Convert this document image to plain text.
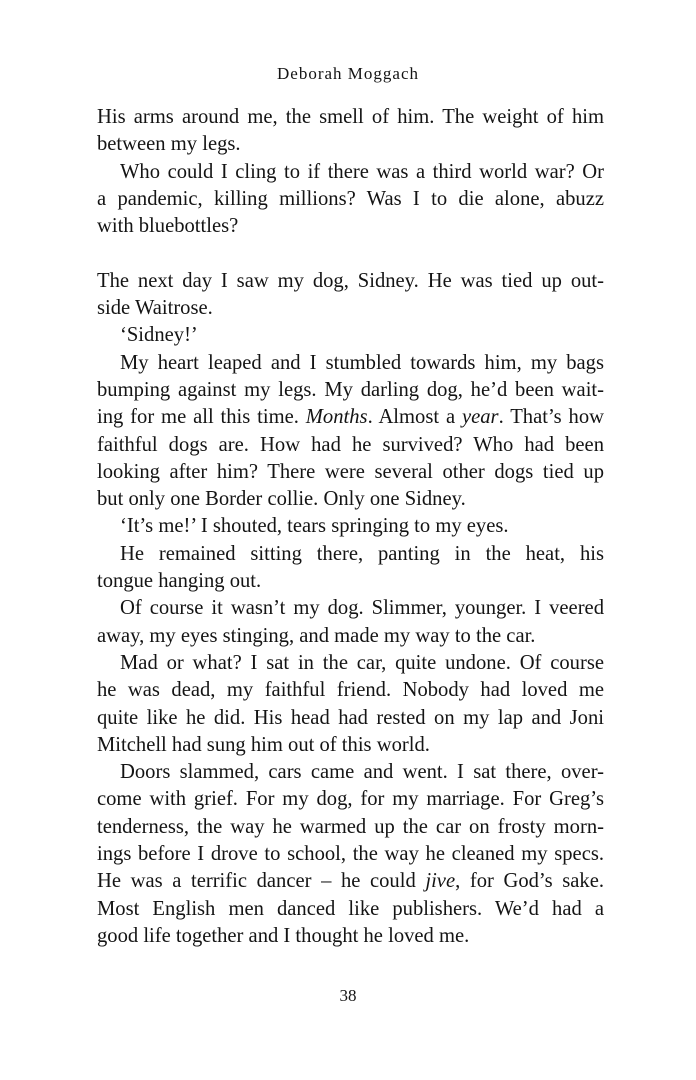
Deborah Moggach
His arms around me, the smell of him. The weight of him
between my legs.
Who could I cling to if there was a third world war? Or
a pandemic, killing millions? Was I to die alone, abuzz
with bluebottles?
The next day I saw my dog, Sidney. He was tied up out-
side Waitrose.
‘Sidney!’
My heart leaped and I stumbled towards him, my bags
bumping against my legs. My darling dog, he’d been wait-
ing for me all this time. Months. Almost a year. That’s how
faithful dogs are. How had he survived? Who had been
looking after him? There were several other dogs tied up
but only one Border collie. Only one Sidney.
‘It’s me!’ I shouted, tears springing to my eyes.
He remained sitting there, panting in the heat, his
tongue hanging out.
Of course it wasn’t my dog. Slimmer, younger. I veered
away, my eyes stinging, and made my way to the car.
Mad or what? I sat in the car, quite undone. Of course
he was dead, my faithful friend. Nobody had loved me
quite like he did. His head had rested on my lap and Joni
Mitchell had sung him out of this world.
Doors slammed, cars came and went. I sat there, over-
come with grief. For my dog, for my marriage. For Greg’s
tenderness, the way he warmed up the car on frosty morn-
ings before I drove to school, the way he cleaned my specs.
He was a terrific dancer – he could jive, for God’s sake.
Most English men danced like publishers. We’d had a
good life together and I thought he loved me.
38
